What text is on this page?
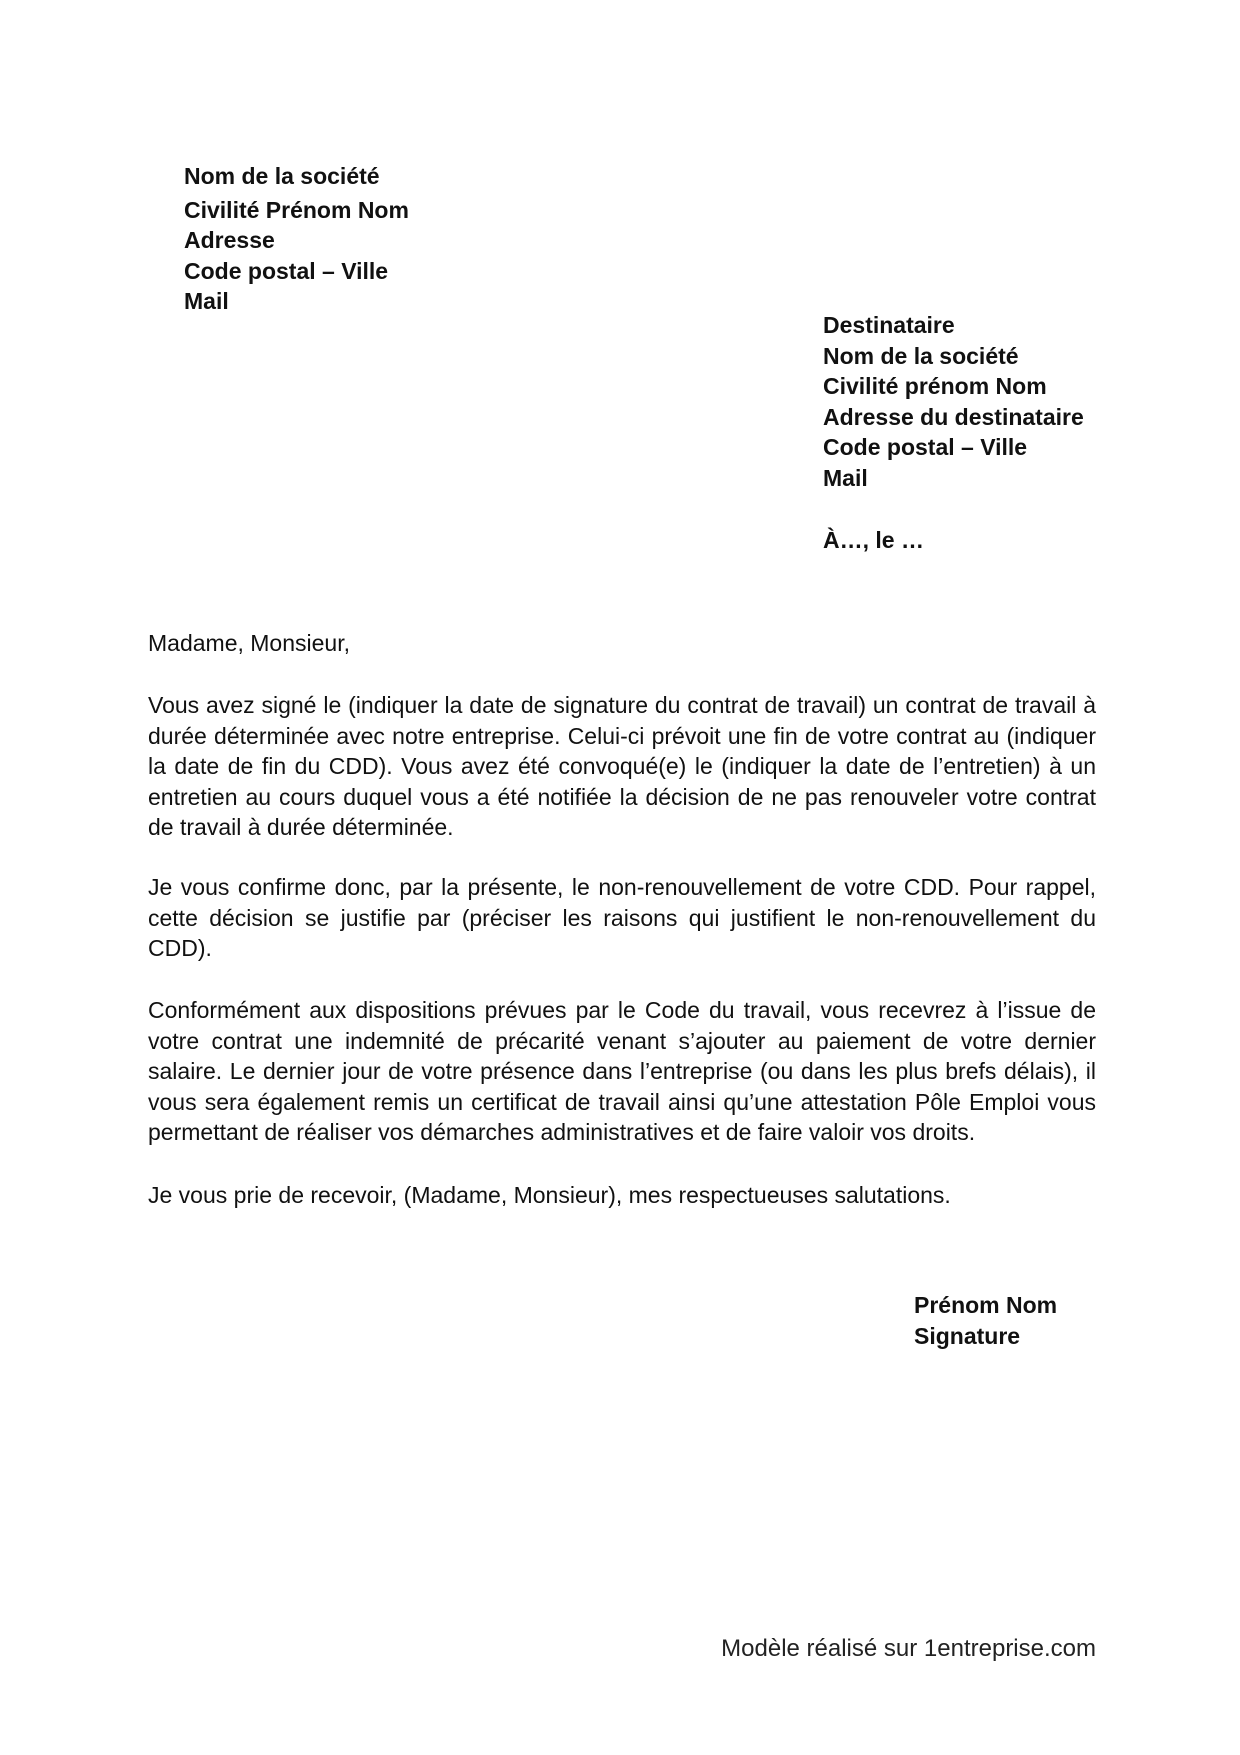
Nom de la société
Civilité Prénom Nom
Adresse
Code postal – Ville
Mail
Destinataire
Nom de la société
Civilité prénom Nom
Adresse du destinataire
Code postal – Ville
Mail
À…, le …
Madame, Monsieur,
Vous avez signé le (indiquer la date de signature du contrat de travail) un contrat de travail à durée déterminée avec notre entreprise. Celui-ci prévoit une fin de votre contrat au (indiquer la date de fin du CDD). Vous avez été convoqué(e) le (indiquer la date de l’entretien) à un entretien au cours duquel vous a été notifiée la décision de ne pas renouveler votre contrat de travail à durée déterminée.
Je vous confirme donc, par la présente, le non-renouvellement de votre CDD. Pour rappel, cette décision se justifie par (préciser les raisons qui justifient le non-renouvellement du CDD).
Conformément aux dispositions prévues par le Code du travail, vous recevrez à l’issue de votre contrat une indemnité de précarité venant s’ajouter au paiement de votre dernier salaire. Le dernier jour de votre présence dans l’entreprise (ou dans les plus brefs délais), il vous sera également remis un certificat de travail ainsi qu’une attestation Pôle Emploi vous permettant de réaliser vos démarches administratives et de faire valoir vos droits.
Je vous prie de recevoir, (Madame, Monsieur), mes respectueuses salutations.
Prénom Nom
Signature
Modèle réalisé sur 1entreprise.com
